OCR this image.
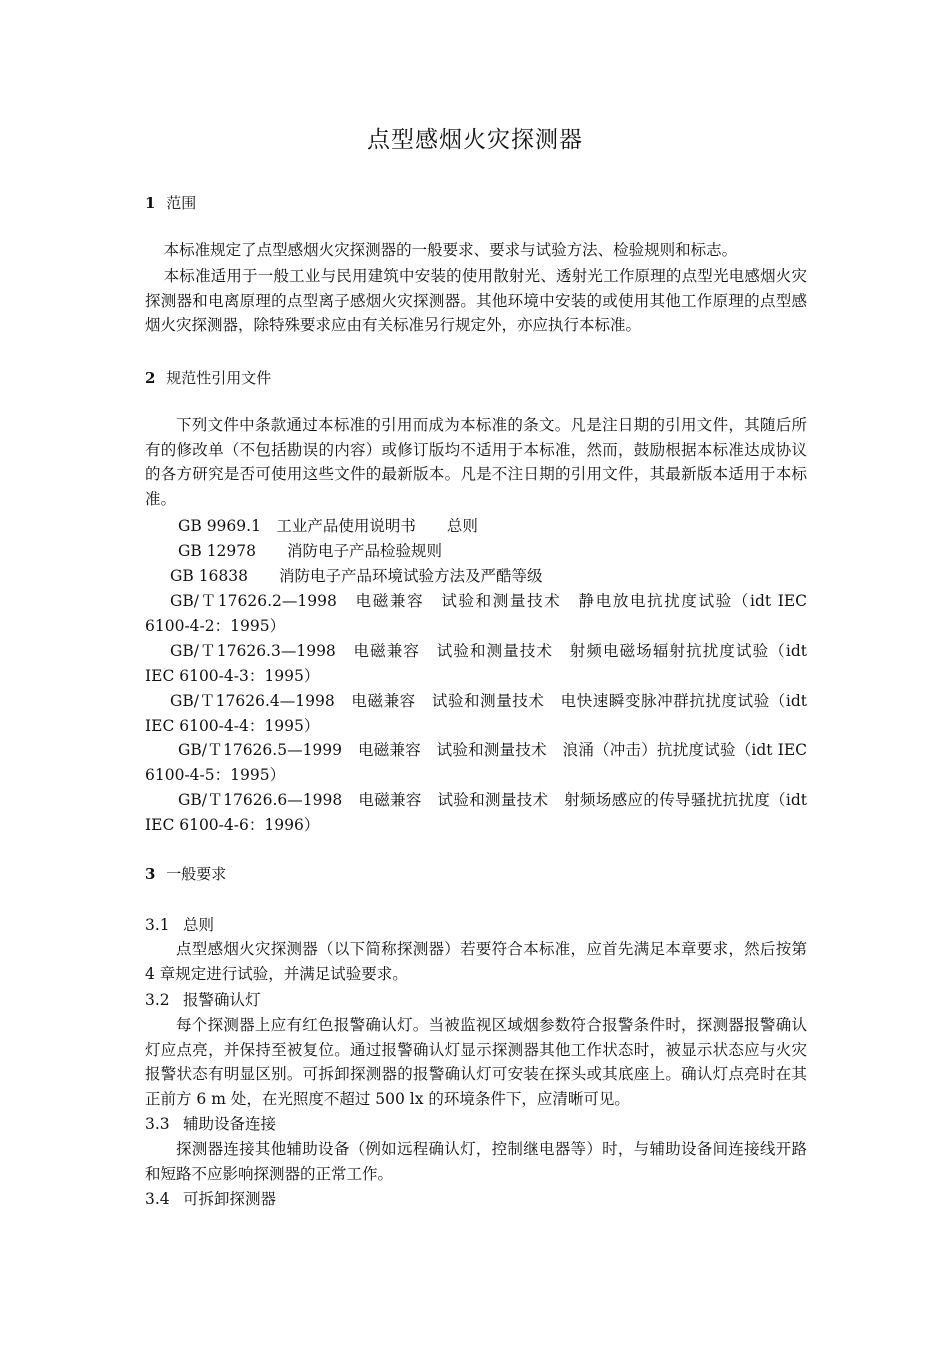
点型感烟火灾探测器
1 范围

本标准规定了点型感烟火灾探测器的一般要求、要求与试验方法、检验规则和标志。

本标准适用于一般工业与民用建筑中安装的使用散射光、透射光工作原理的点型光电感烟火灾探测器和电离原理的点型离子感烟火灾探测器。其他环境中安装的或使用其他工作原理的点型感烟火灾探测器，除特殊要求应由有关标准另行规定外，亦应执行本标准。

2 规范性引用文件

下列文件中条款通过本标准的引用而成为本标准的条文。凡是注日期的引用文件，其随后所有的修改单（不包括勘误的内容）或修订版均不适用于本标准，然而，鼓励根据本标准达成协议的各方研究是否可使用这些文件的最新版本。凡是不注日期的引用文件，其最新版本适用于本标准。

GB 9969.1　工业产品使用说明书　　总则

GB 12978　　消防电子产品检验规则

GB 16838　　消防电子产品环境试验方法及严酷等级

GB/Ｔ17626.2—1998　电磁兼容　试验和测量技术　静电放电抗扰度试验（idt IEC 6100-4-2：1995）

GB/Ｔ17626.3—1998　电磁兼容　试验和测量技术　射频电磁场辐射抗扰度试验（idt IEC 6100-4-3：1995）

GB/Ｔ17626.4—1998　电磁兼容　试验和测量技术　电快速瞬变脉冲群抗扰度试验（idt IEC 6100-4-4：1995）

GB/Ｔ17626.5—1999　电磁兼容　试验和测量技术　浪涌（冲击）抗扰度试验（idt IEC 6100-4-5：1995）

GB/Ｔ17626.6—1998　电磁兼容　试验和测量技术　射频场感应的传导骚扰抗扰度（idt IEC 6100-4-6：1996）

3 一般要求
3.1 总则

点型感烟火灾探测器（以下简称探测器）若要符合本标准，应首先满足本章要求，然后按第 4 章规定进行试验，并满足试验要求。

3.2 报警确认灯

每个探测器上应有红色报警确认灯。当被监视区域烟参数符合报警条件时，探测器报警确认灯应点亮，并保持至被复位。通过报警确认灯显示探测器其他工作状态时，被显示状态应与火灾报警状态有明显区别。可拆卸探测器的报警确认灯可安装在探头或其底座上。确认灯点亮时在其正前方 6 m 处，在光照度不超过 500 lx 的环境条件下，应清晰可见。

3.3 辅助设备连接

探测器连接其他辅助设备（例如远程确认灯，控制继电器等）时，与辅助设备间连接线开路和短路不应影响探测器的正常工作。

3.4 可拆卸探测器
